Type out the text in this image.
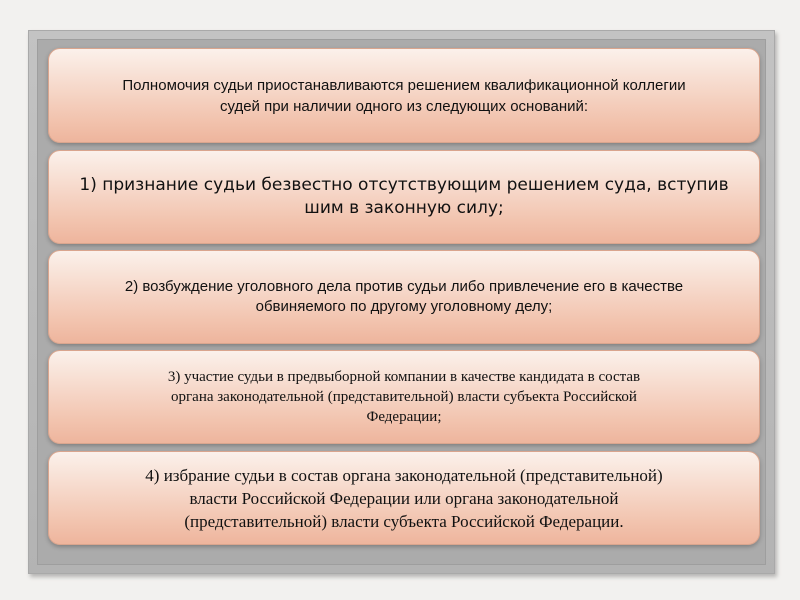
Полномочия судьи приостанавливаются решением квалификационной коллегии
судей при наличии одного из следующих оснований:
1) признание судьи безвестно отсутствующим решением суда, вступив
шим в законную силу;
2) возбуждение уголовного дела против судьи либо привлечение его в качестве
обвиняемого по другому уголовному делу;
3) участие судьи в предвыборной компании в качестве кандидата в состав
органа законодательной (представительной) власти субъекта Российской
Федерации;
4) избрание судьи в состав органа законодательной (представительной)
власти Российской Федерации или органа законодательной
(представительной) власти субъекта Российской Федерации.
